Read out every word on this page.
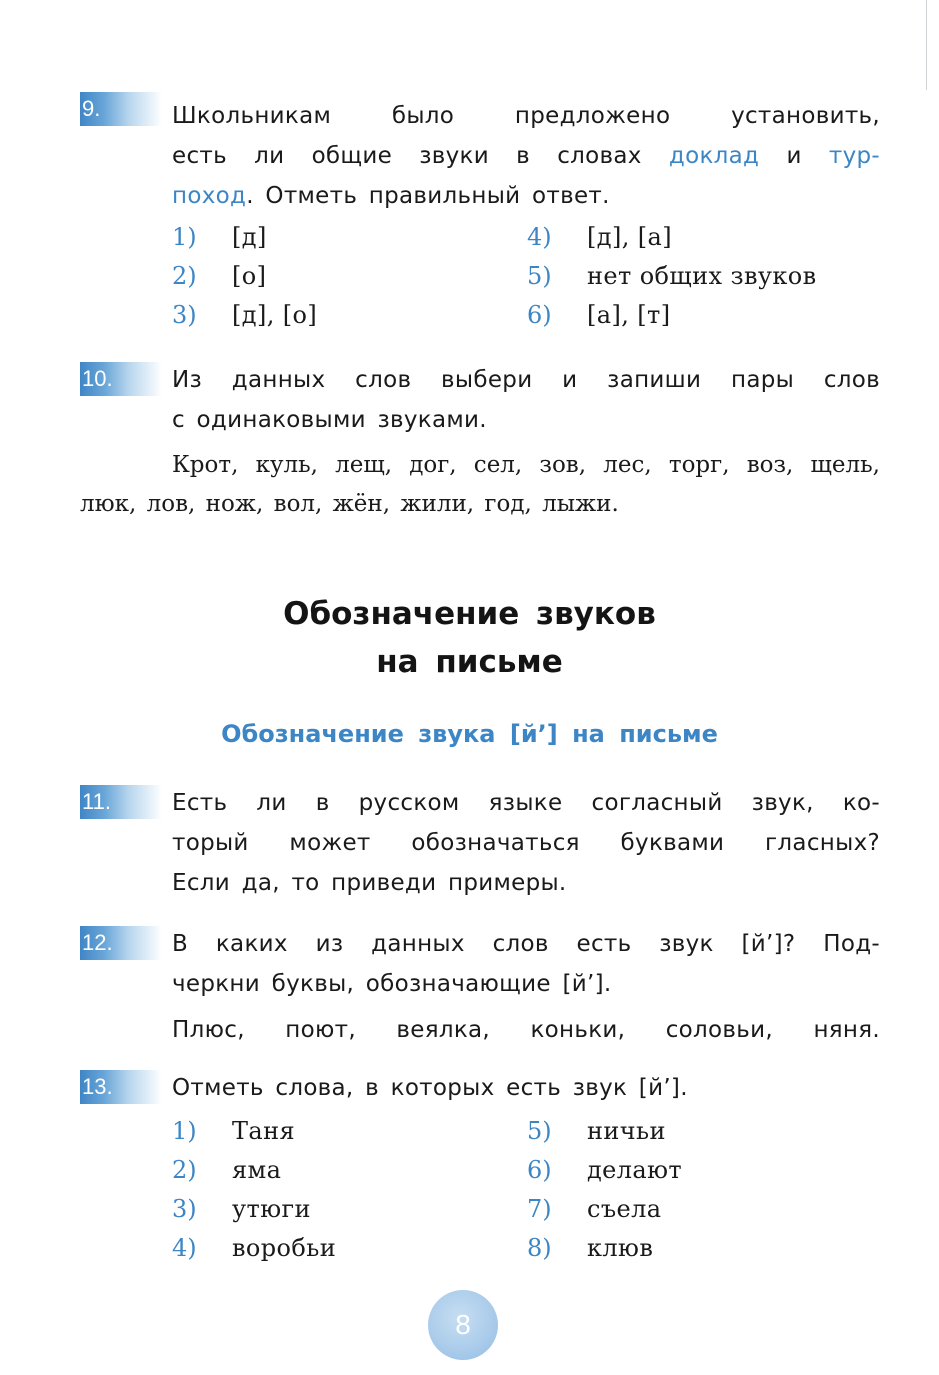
9.	Школьникам было предложено установить,
есть ли общие звуки в словах доклад и тур-
поход. Отметь правильный ответ.
1)	[д]	4)	[д], [а]
2)	[о]	5)	нет общих звуков
3)	[д], [о]	6)	[а], [т]
10.	Из данных слов выбери и запиши пары слов
с одинаковыми звуками.
Крот, куль, лещ, дог, сел, зов, лес, торг, воз, щель, люк, лов, нож, вол, жён, жили, год, лыжи.
Обозначение звуков
на письме
Обозначение звука [й’] на письме
11.	Есть ли в русском языке согласный звук, ко-
торый может обозначаться буквами гласных?
Если да, то приведи примеры.
12.	В каких из данных слов есть звук [й’]? Под-
черкни буквы, обозначающие [й’].
Плюс, поют, веялка, коньки, соловьи, няня.
13.	Отметь слова, в которых есть звук [й’].
1)	Таня	5)	ничьи
2)	яма	6)	делают
3)	утюги	7)	съела
4)	воробьи	8)	клюв
8
